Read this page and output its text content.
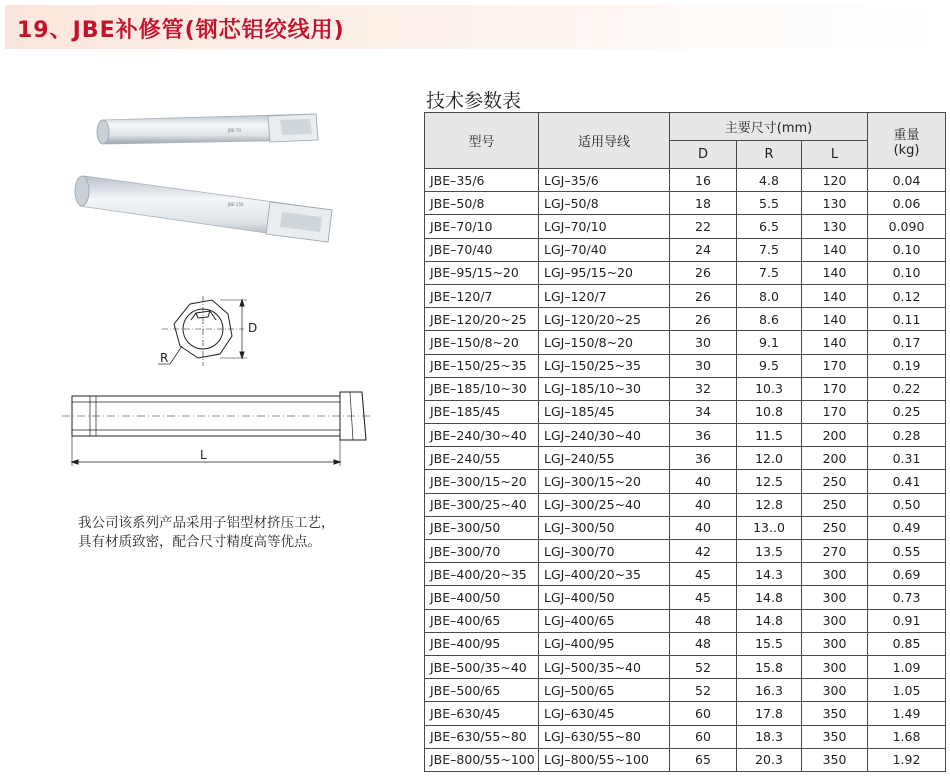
19、JBE补修管(钢芯铝绞线用)
JBE-70
JBE-150
D
R
L

我公司该系列产品采用子铝型材挤压工艺，

具有材质致密，配合尺寸精度高等优点。

技术参数表
型号	适用导线	主要尺寸(mm)			重量
(kg)

		D	R	L	
JBE–35/6	LGJ–35/6	16	4.8	120	0.04
JBE–50/8	LGJ–50/8	18	5.5	130	0.06
JBE–70/10	LGJ–70/10	22	6.5	130	0.090
JBE–70/40	LGJ–70/40	24	7.5	140	0.10
JBE–95/15~20	LGJ–95/15~20	26	7.5	140	0.10
JBE–120/7	LGJ–120/7	26	8.0	140	0.12
JBE–120/20~25	LGJ–120/20~25	26	8.6	140	0.11
JBE–150/8~20	LGJ–150/8~20	30	9.1	140	0.17
JBE–150/25~35	LGJ–150/25~35	30	9.5	170	0.19
JBE–185/10~30	LGJ–185/10~30	32	10.3	170	0.22
JBE–185/45	LGJ–185/45	34	10.8	170	0.25
JBE–240/30~40	LGJ–240/30~40	36	11.5	200	0.28
JBE–240/55	LGJ–240/55	36	12.0	200	0.31
JBE–300/15~20	LGJ–300/15~20	40	12.5	250	0.41
JBE–300/25~40	LGJ–300/25~40	40	12.8	250	0.50
JBE–300/50	LGJ–300/50	40	13..0	250	0.49
JBE–300/70	LGJ–300/70	42	13.5	270	0.55
JBE–400/20~35	LGJ–400/20~35	45	14.3	300	0.69
JBE–400/50	LGJ–400/50	45	14.8	300	0.73
JBE–400/65	LGJ–400/65	48	14.8	300	0.91
JBE–400/95	LGJ–400/95	48	15.5	300	0.85
JBE–500/35~40	LGJ–500/35~40	52	15.8	300	1.09
JBE–500/65	LGJ–500/65	52	16.3	300	1.05
JBE–630/45	LGJ–630/45	60	17.8	350	1.49
JBE–630/55~80	LGJ–630/55~80	60	18.3	350	1.68
JBE–800/55~100	LGJ–800/55~100	65	20.3	350	1.92
